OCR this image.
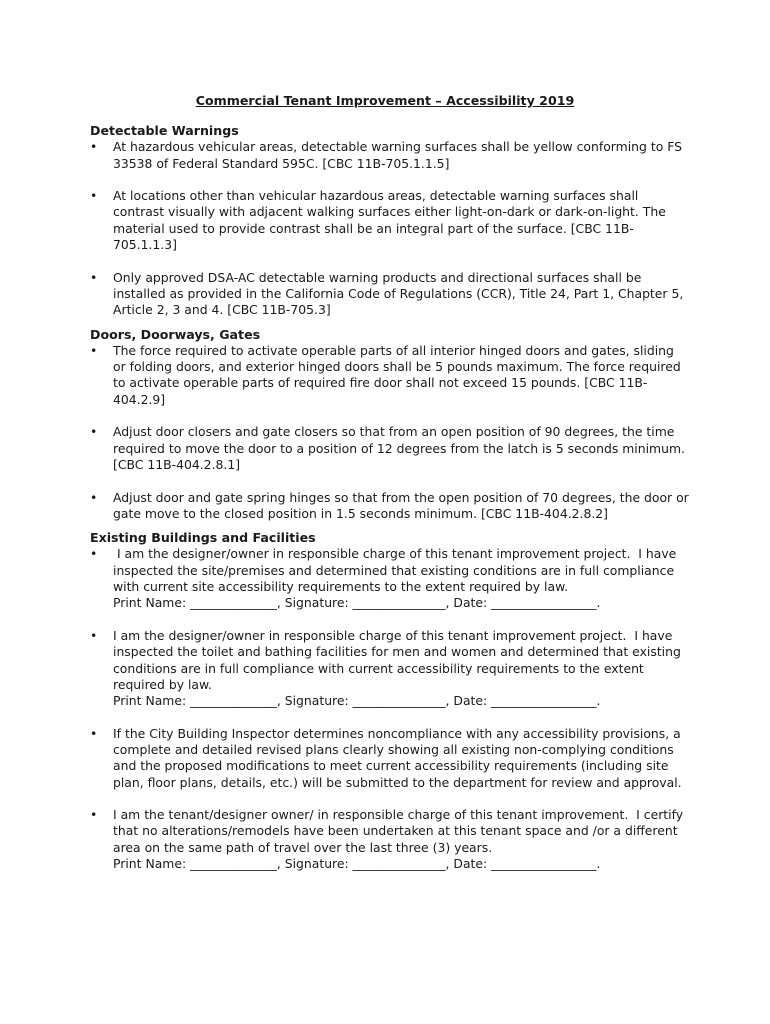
Commercial Tenant Improvement – Accessibility 2019
Detectable Warnings
• At hazardous vehicular areas, detectable warning surfaces shall be yellow conforming to FS 33538 of Federal Standard 595C. [CBC 11B-705.1.1.5]
• At locations other than vehicular hazardous areas, detectable warning surfaces shall contrast visually with adjacent walking surfaces either light-on-dark or dark-on-light. The material used to provide contrast shall be an integral part of the surface. [CBC 11B-705.1.1.3]
• Only approved DSA-AC detectable warning products and directional surfaces shall be installed as provided in the California Code of Regulations (CCR), Title 24, Part 1, Chapter 5, Article 2, 3 and 4. [CBC 11B-705.3]
Doors, Doorways, Gates
• The force required to activate operable parts of all interior hinged doors and gates, sliding or folding doors, and exterior hinged doors shall be 5 pounds maximum. The force required to activate operable parts of required fire door shall not exceed 15 pounds. [CBC 11B-404.2.9]
• Adjust door closers and gate closers so that from an open position of 90 degrees, the time required to move the door to a position of 12 degrees from the latch is 5 seconds minimum. [CBC 11B-404.2.8.1]
• Adjust door and gate spring hinges so that from the open position of 70 degrees, the door or gate move to the closed position in 1.5 seconds minimum. [CBC 11B-404.2.8.2]
Existing Buildings and Facilities
• I am the designer/owner in responsible charge of this tenant improvement project.  I have inspected the site/premises and determined that existing conditions are in full compliance with current site accessibility requirements to the extent required by law.
Print Name: ______________, Signature: _______________, Date: _________________.
• I am the designer/owner in responsible charge of this tenant improvement project.  I have inspected the toilet and bathing facilities for men and women and determined that existing conditions are in full compliance with current accessibility requirements to the extent required by law.
Print Name: ______________, Signature: _______________, Date: _________________.
• If the City Building Inspector determines noncompliance with any accessibility provisions, a complete and detailed revised plans clearly showing all existing non-complying conditions and the proposed modifications to meet current accessibility requirements (including site plan, floor plans, details, etc.) will be submitted to the department for review and approval.
• I am the tenant/designer owner/ in responsible charge of this tenant improvement.  I certify that no alterations/remodels have been undertaken at this tenant space and /or a different area on the same path of travel over the last three (3) years.
Print Name: ______________, Signature: _______________, Date: _________________.
